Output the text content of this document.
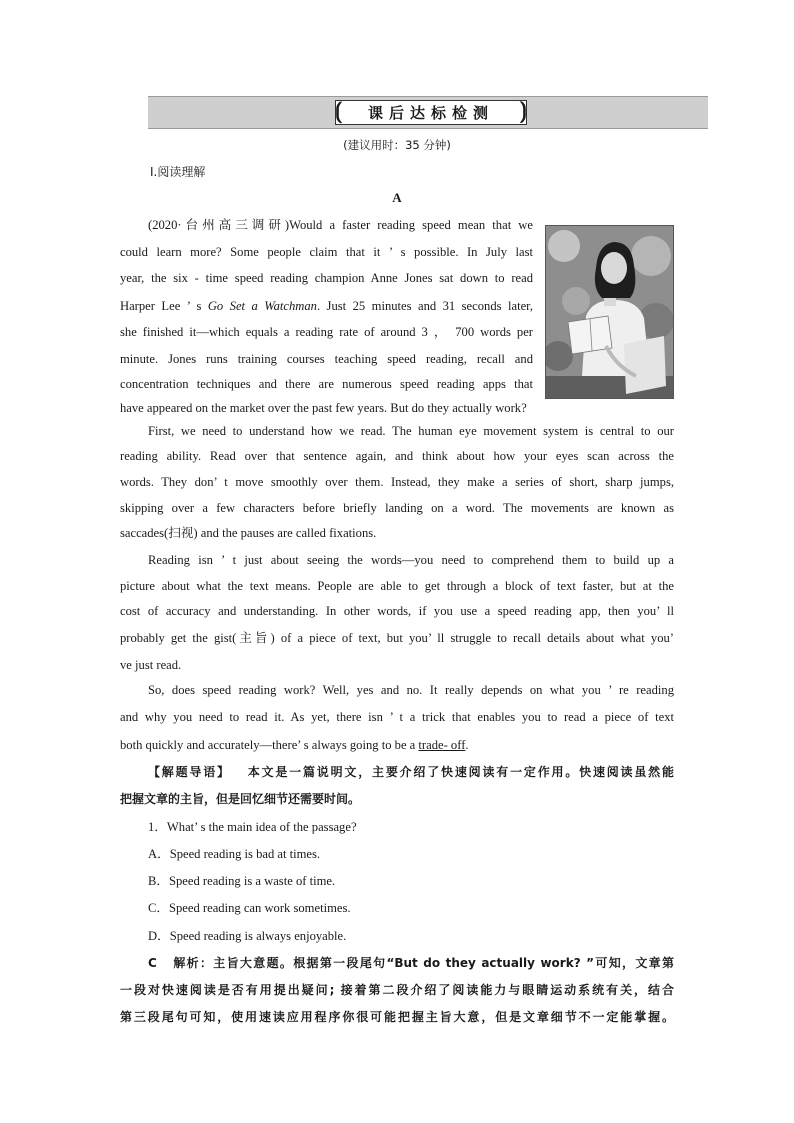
⟮ 课后达标检测 ⟯
(建议用时：35 分钟)
Ⅰ.阅读理解
A
(2020·台州高三调研)Would a faster reading speed mean that we
could learn more? Some people claim that it ’ s possible. In July last
year, the six - time speed reading champion Anne Jones sat down to read
Harper Lee ’ s Go Set a Watchman. Just 25 minutes and 31 seconds later,
she finished it—which equals a reading rate of around 3 ， 700 words per
minute. Jones runs training courses teaching speed reading, recall and
concentration techniques and there are numerous speed reading apps that
have appeared on the market over the past few years. But do they actually work?
First, we need to understand how we read. The human eye movement system is central to our
reading ability. Read over that sentence again, and think about how your eyes scan across the
words. They don’ t move smoothly over them. Instead, they make a series of short, sharp jumps,
skipping over a few characters before briefly landing on a word. The movements are known as
saccades(扫视) and the pauses are called fixations.
Reading isn ’ t just about seeing the words—you need to comprehend them to build up a
picture about what the text means. People are able to get through a block of text faster, but at the
cost of accuracy and understanding. In other words, if you use a speed reading app, then you’ ll
probably get the gist(主旨) of a piece of text, but you’ ll struggle to recall details about what you’
ve just read.
So, does speed reading work? Well, yes and no. It really depends on what you ’ re reading
and why you need to read it. As yet, there isn ’ t a trick that enables you to read a piece of text
both quickly and accurately—there’ s always going to be a trade- off.
【解题导语】 本文是一篇说明文，主要介绍了快速阅读有一定作用。快速阅读虽然能
把握文章的主旨，但是回忆细节还需要时间。
1．What’ s the main idea of the passage?
A．Speed reading is bad at times.
B．Speed reading is a waste of time.
C．Speed reading can work sometimes.
D．Speed reading is always enjoyable.
C 解析：主旨大意题。根据第一段尾句“But do they actually work? ”可知，文章第
一段对快速阅读是否有用提出疑问; 接着第二段介绍了阅读能力与眼睛运动系统有关，结合
第三段尾句可知，使用速读应用程序你很可能把握主旨大意，但是文章细节不一定能掌握。
